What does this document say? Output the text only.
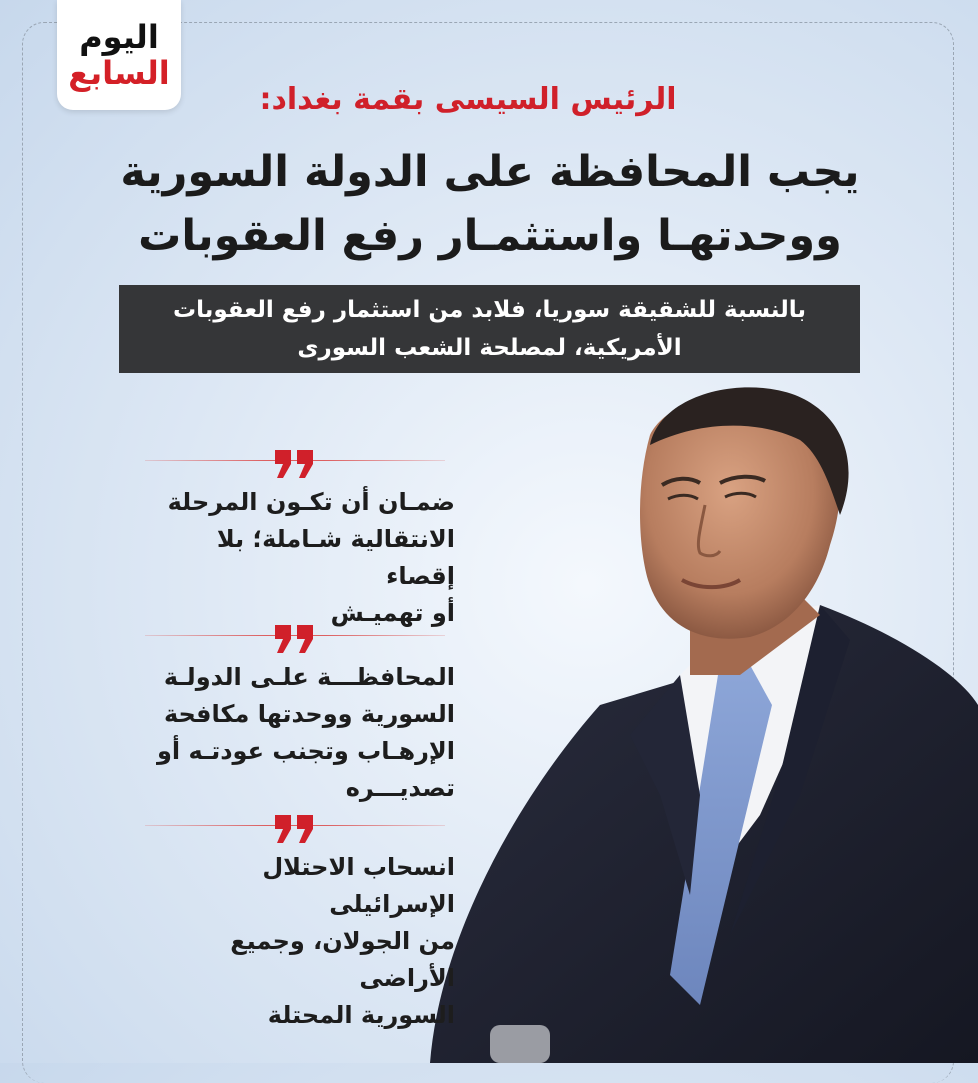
اليوم
السابع
الرئيس السيسى بقمة بغداد:
يجب المحافظة على الدولة السورية
ووحدتهـا واستثمـار رفع العقوبات
بالنسبة للشقيقة سوريا، فلابد من استثمار رفع العقوبات
الأمريكية، لمصلحة الشعب السورى
ضمـان أن تكـون المرحلة
الانتقالية شـاملة؛ بلا إقصاء
أو تهميـش
المحافظـــة علـى الدولـة
السورية ووحدتها مكافحة
الإرهـاب وتجنب عودتـه أو
تصديـــره
انسحاب الاحتلال الإسرائيلى
من الجولان، وجميع الأراضى
السورية المحتلة
